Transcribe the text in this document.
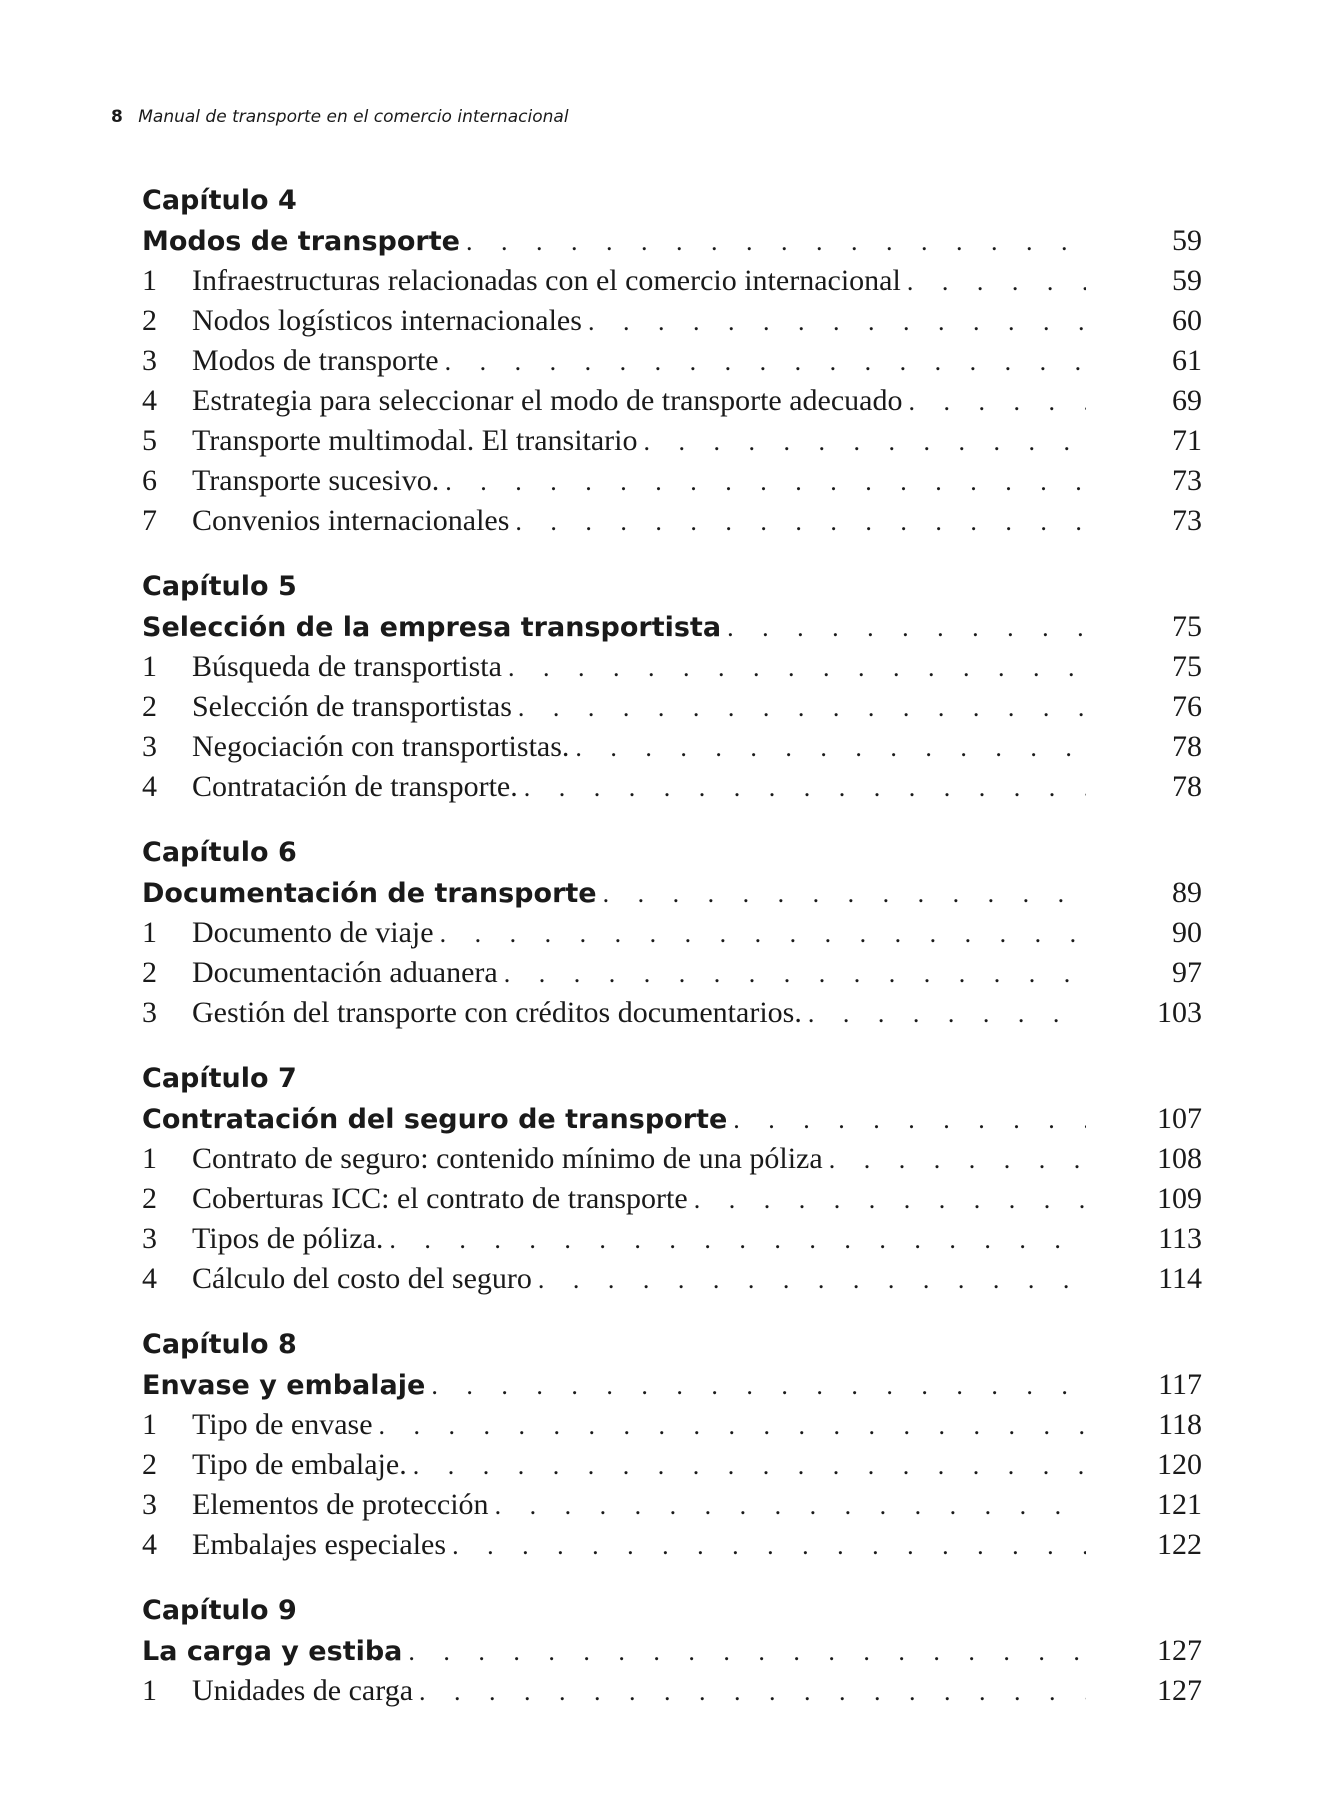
8 Manual de transporte en el comercio internacional
Capítulo 4
Modos de transporte . . .	59
1	Infraestructuras relacionadas con el comercio internacional . . .	59
2	Nodos logísticos internacionales . . .	60
3	Modos de transporte . . .	61
4	Estrategia para seleccionar el modo de transporte adecuado . . .	69
5	Transporte multimodal. El transitario . . .	71
6	Transporte sucesivo. . . .	73
7	Convenios internacionales . . .	73
Capítulo 5
Selección de la empresa transportista . . .	75
1	Búsqueda de transportista . . .	75
2	Selección de transportistas . . .	76
3	Negociación con transportistas. . . .	78
4	Contratación de transporte. . . .	78
Capítulo 6
Documentación de transporte . . .	89
1	Documento de viaje . . .	90
2	Documentación aduanera . . .	97
3	Gestión del transporte con créditos documentarios. . . .	103
Capítulo 7
Contratación del seguro de transporte . . .	107
1	Contrato de seguro: contenido mínimo de una póliza . . .	108
2	Coberturas ICC: el contrato de transporte . . .	109
3	Tipos de póliza. . . .	113
4	Cálculo del costo del seguro . . .	114
Capítulo 8
Envase y embalaje . . .	117
1	Tipo de envase . . .	118
2	Tipo de embalaje. . . .	120
3	Elementos de protección . . .	121
4	Embalajes especiales . . .	122
Capítulo 9
La carga y estiba . . .	127
1	Unidades de carga . . .	127
